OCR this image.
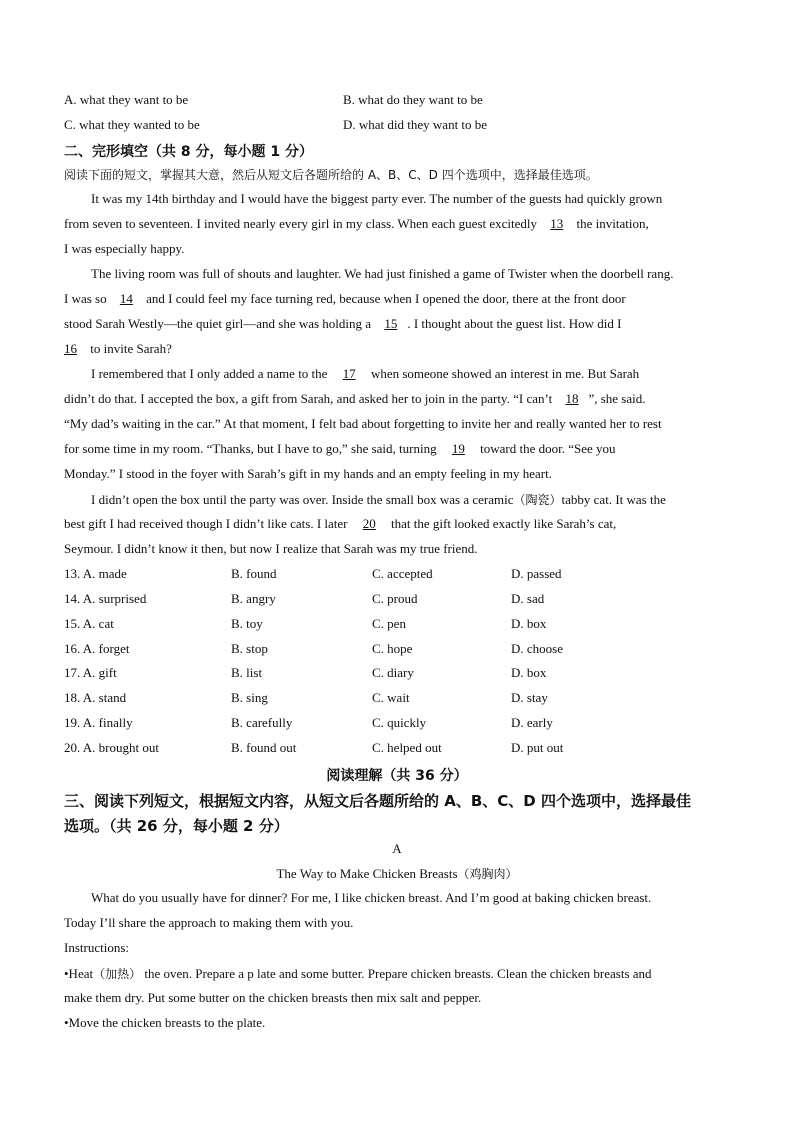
A. what they want to be	B. what do they want to be
C. what they wanted to be	D. what did they want to be
二、完形填空（共 8 分，每小题 1 分）
阅读下面的短文，掌握其大意，然后从短文后各题所给的 A、B、C、D 四个选项中，选择最佳选项。
It was my 14th birthday and I would have the biggest party ever. The number of the guests had quickly grown
from seven to seventeen. I invited nearly every girl in my class. When each guest excitedly 13 the invitation,
I was especially happy.
The living room was full of shouts and laughter. We had just finished a game of Twister when the doorbell rang.
I was so 14 and I could feel my face turning red, because when I opened the door, there at the front door
stood Sarah Westly—the quiet girl—and she was holding a 15 . I thought about the guest list. How did I
16 to invite Sarah?
I remembered that I only added a name to the 17 when someone showed an interest in me. But Sarah
didn’t do that. I accepted the box, a gift from Sarah, and asked her to join in the party. “I can’t 18 ”, she said.
“My dad’s waiting in the car.” At that moment, I felt bad about forgetting to invite her and really wanted her to rest
for some time in my room. “Thanks, but I have to go,” she said, turning 19 toward the door. “See you
Monday.” I stood in the foyer with Sarah’s gift in my hands and an empty feeling in my heart.
I didn’t open the box until the party was over. Inside the small box was a ceramic（陶瓷）tabby cat. It was the
best gift I had received though I didn’t like cats. I later 20 that the gift looked exactly like Sarah’s cat,
Seymour. I didn’t know it then, but now I realize that Sarah was my true friend.
13. A. made	B. found	C. accepted	D. passed
14. A. surprised	B. angry	C. proud	D. sad
15. A. cat	B. toy	C. pen	D. box
16. A. forget	B. stop	C. hope	D. choose
17. A. gift	B. list	C. diary	D. box
18. A. stand	B. sing	C. wait	D. stay
19. A. finally	B. carefully	C. quickly	D. early
20. A. brought out	B. found out	C. helped out	D. put out
阅读理解（共 36 分）
三、阅读下列短文，根据短文内容，从短文后各题所给的 A、B、C、D 四个选项中，选择最佳
选项。（共 26 分，每小题 2 分）
A
The Way to Make Chicken Breasts（鸡胸肉）
What do you usually have for dinner? For me, I like chicken breast. And I’m good at baking chicken breast.
Today I’ll share the approach to making them with you.
Instructions:
•Heat（加热） the oven. Prepare a p late and some butter. Prepare chicken breasts. Clean the chicken breasts and
make them dry. Put some butter on the chicken breasts then mix salt and pepper.
•Move the chicken breasts to the plate.
